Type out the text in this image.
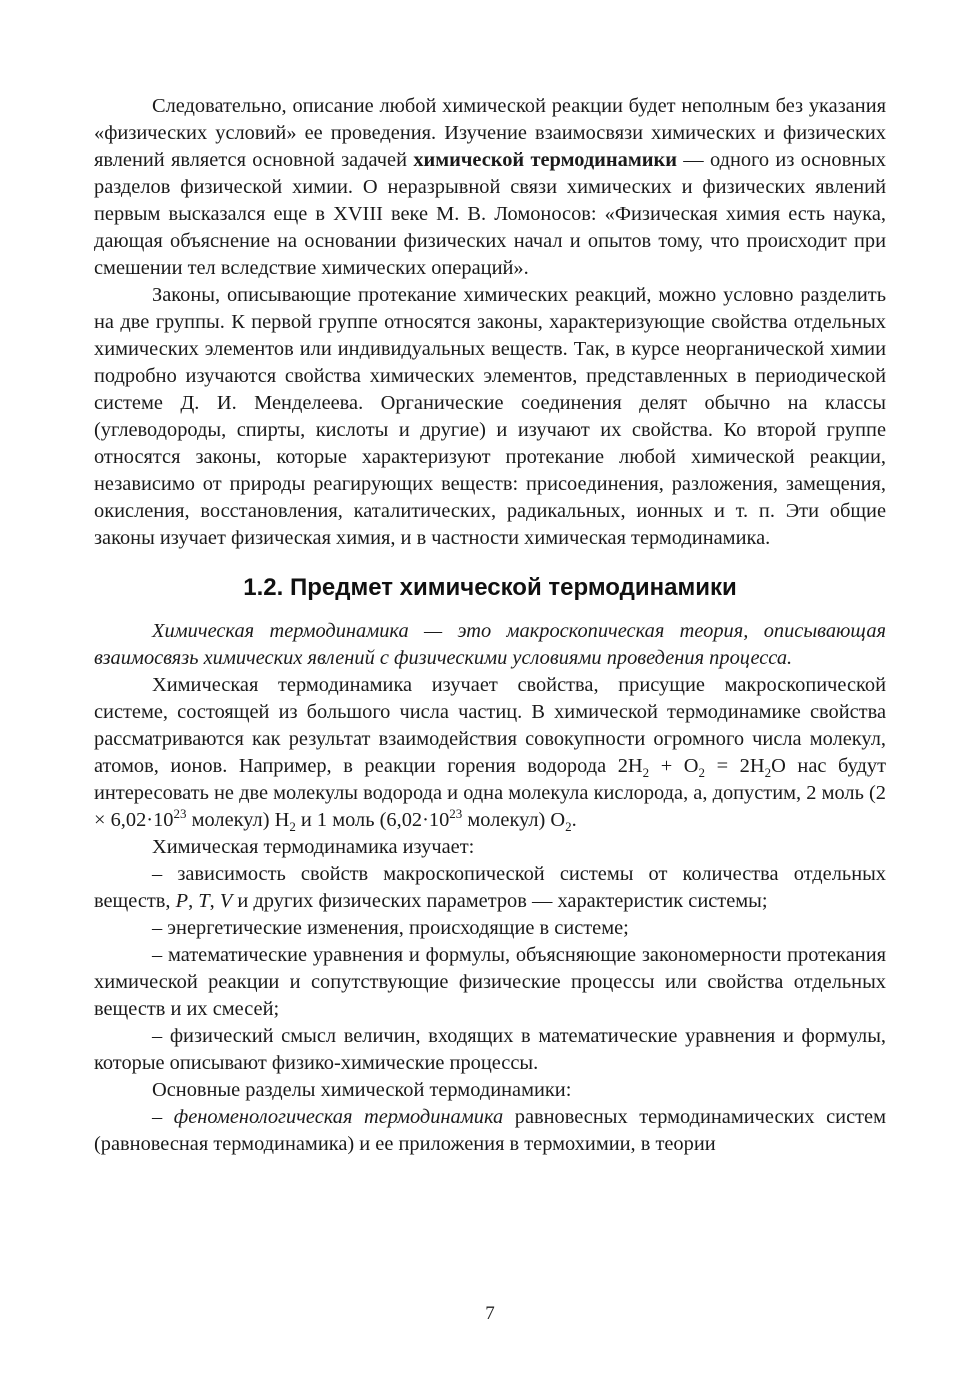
Следовательно, описание любой химической реакции будет неполным без указания «физических условий» ее проведения. Изучение взаимосвязи химических и физических явлений является основной задачей химической термодинамики — одного из основных разделов физической химии. О неразрывной связи химических и физических явлений первым высказался еще в XVIII веке М. В. Ломоносов: «Физическая химия есть наука, дающая объяснение на основании физических начал и опытов тому, что происходит при смешении тел вследствие химических операций».

Законы, описывающие протекание химических реакций, можно условно разделить на две группы. К первой группе относятся законы, характеризующие свойства отдельных химических элементов или индивидуальных веществ. Так, в курсе неорганической химии подробно изучаются свойства химических элементов, представленных в периодической системе Д. И. Менделеева. Органические соединения делят обычно на классы (углеводороды, спирты, кислоты и другие) и изучают их свойства. Ко второй группе относятся законы, которые характеризуют протекание любой химической реакции, независимо от природы реагирующих веществ: присоединения, разложения, замещения, окисления, восстановления, каталитических, радикальных, ионных и т. п. Эти общие законы изучает физическая химия, и в частности химическая термодинамика.

1.2. Предмет химической термодинамики

Химическая термодинамика — это макроскопическая теория, описывающая взаимосвязь химических явлений с физическими условиями проведения процесса.

Химическая термодинамика изучает свойства, присущие макроскопической системе, состоящей из большого числа частиц. В химической термодинамике свойства рассматриваются как результат взаимодействия совокупности огромного числа молекул, атомов, ионов. Например, в реакции горения водорода $2H_2 + O_2 = 2H_2O$ нас будут интересовать не две молекулы водорода и одна молекула кислорода, а, допустим, 2 моль ($2 \times 6,02\cdot 10^{23}$ молекул) $H_2$ и 1 моль ($6,02\cdot 10^{23}$ молекул) $O_2$.

Химическая термодинамика изучает:

– зависимость свойств макроскопической системы от количества отдельных веществ, P, T, V и других физических параметров — характеристик системы;

– энергетические изменения, происходящие в системе;

– математические уравнения и формулы, объясняющие закономерности протекания химической реакции и сопутствующие физические процессы или свойства отдельных веществ и их смесей;

– физический смысл величин, входящих в математические уравнения и формулы, которые описывают физико-химические процессы.

Основные разделы химической термодинамики:

– феноменологическая термодинамика равновесных термодинамических систем (равновесная термодинамика) и ее приложения в термохимии, в теории

7
